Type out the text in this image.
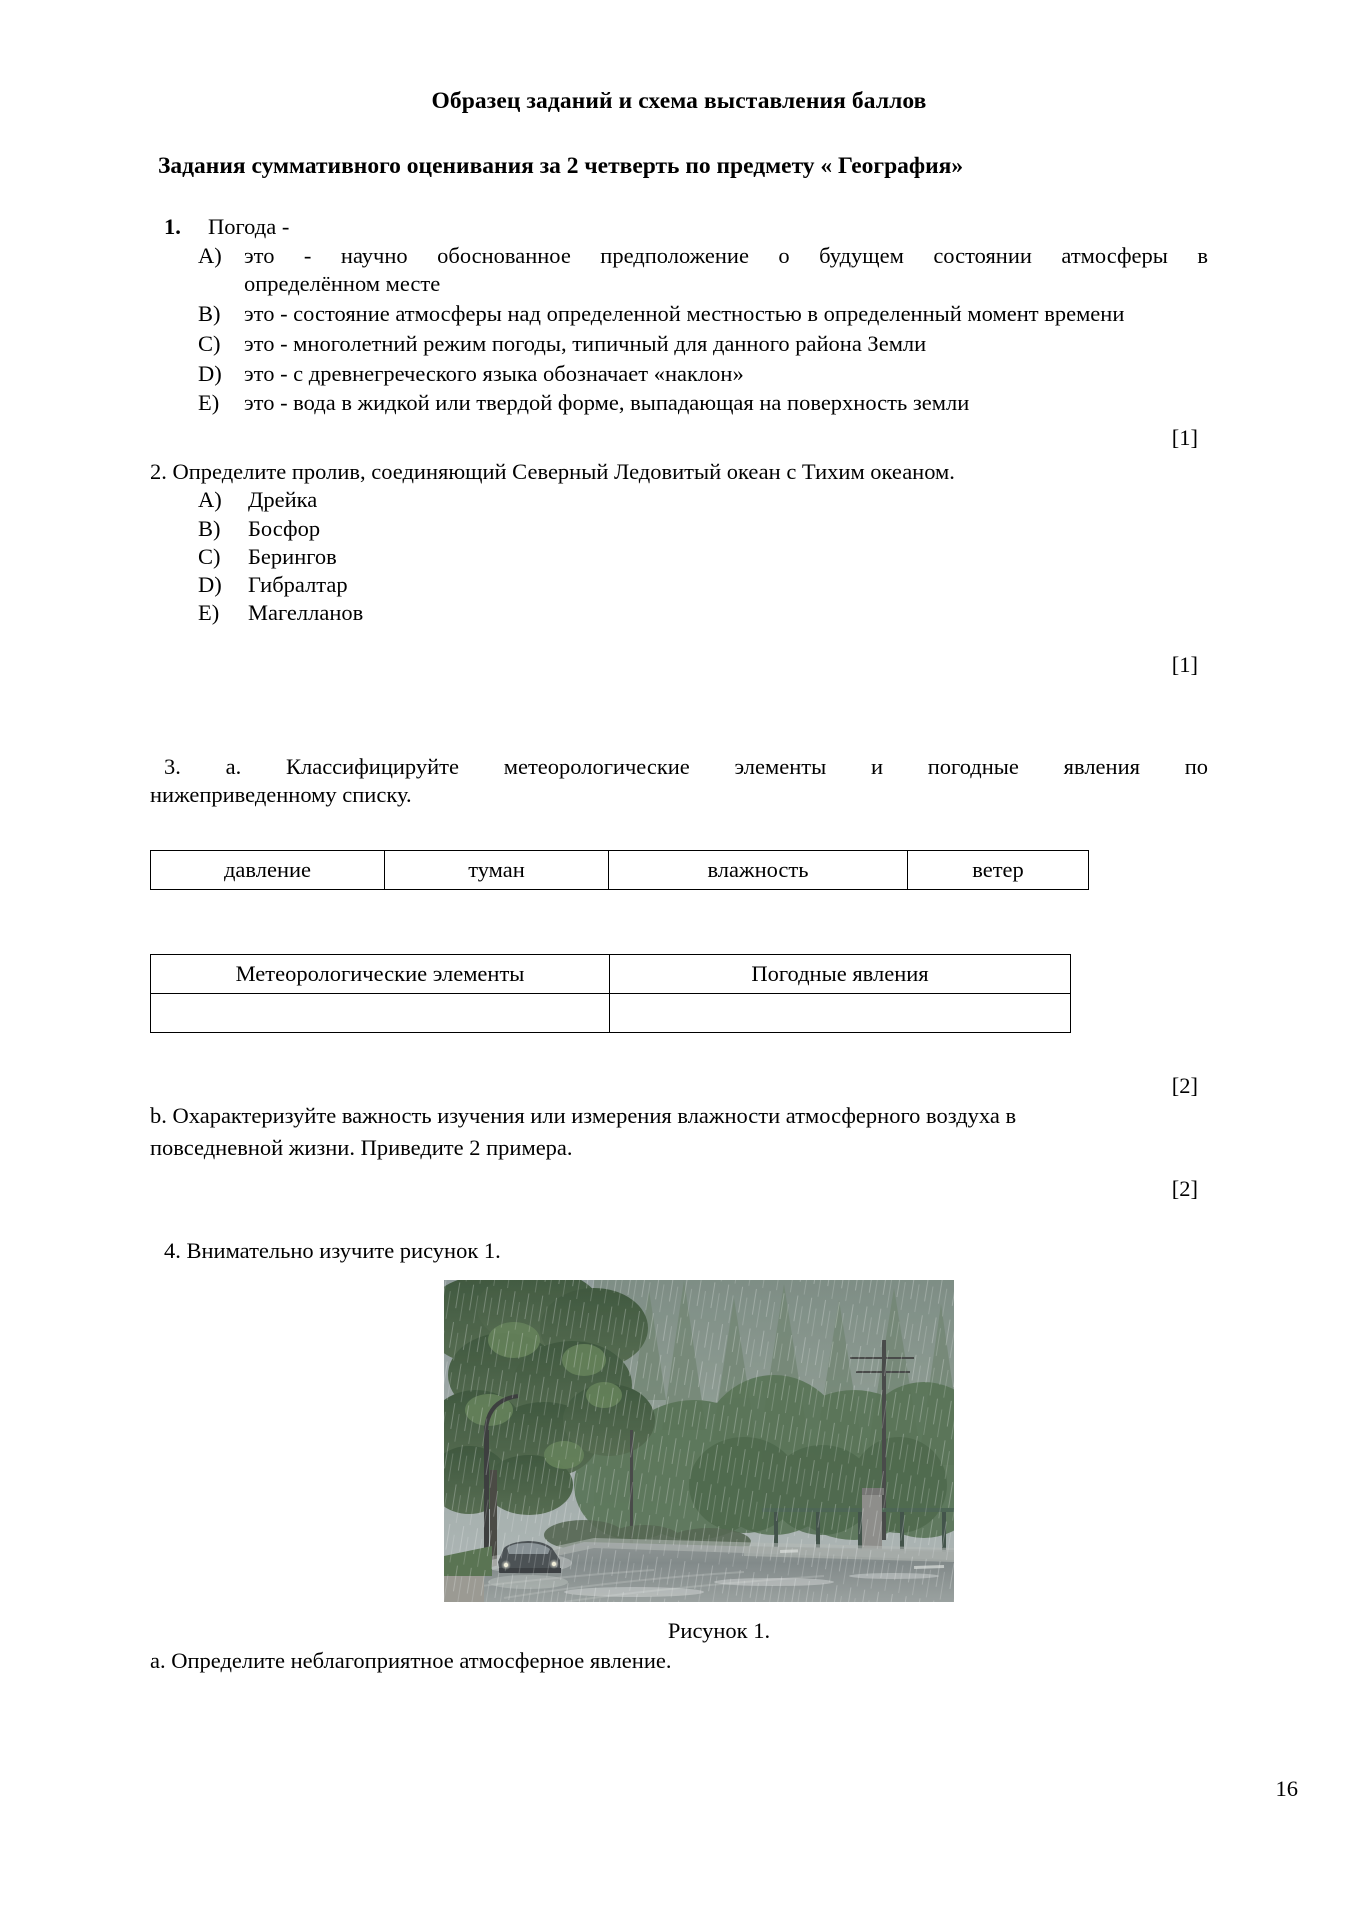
Образец заданий и схема выставления баллов
Задания суммативного оценивания за 2 четверть по предмету « География»
1.	Погода -
A) это - научно обоснованное предположение о будущем состоянии атмосферы в
определённом месте
B)	это - состояние атмосферы над определенной местностью в определенный момент времени
C)	это - многолетний режим погоды, типичный для данного района Земли
D) это - с древнегреческого языка обозначает «наклон»
E)	это - вода в жидкой или твердой форме, выпадающая на поверхность земли
[1]
2. Определите пролив, соединяющий Северный Ледовитый океан с Тихим океаном.
A)	Дрейка
B)	Босфор
C)	Берингов
D)	Гибралтар
E)	Магелланов
[1]
3. a. Классифицируйте метеорологические элементы и погодные явления по
нижеприведенному списку.
давление	туман	влажность	ветер
Метеорологические элементы	Погодные явления

[2]
b. Охарактеризуйте важность изучения или измерения влажности атмосферного воздуха в
повседневной жизни. Приведите 2 примера.
[2]
4. Внимательно изучите рисунок 1.
Рисунок 1.
a. Определите неблагоприятное атмосферное явление.
16
